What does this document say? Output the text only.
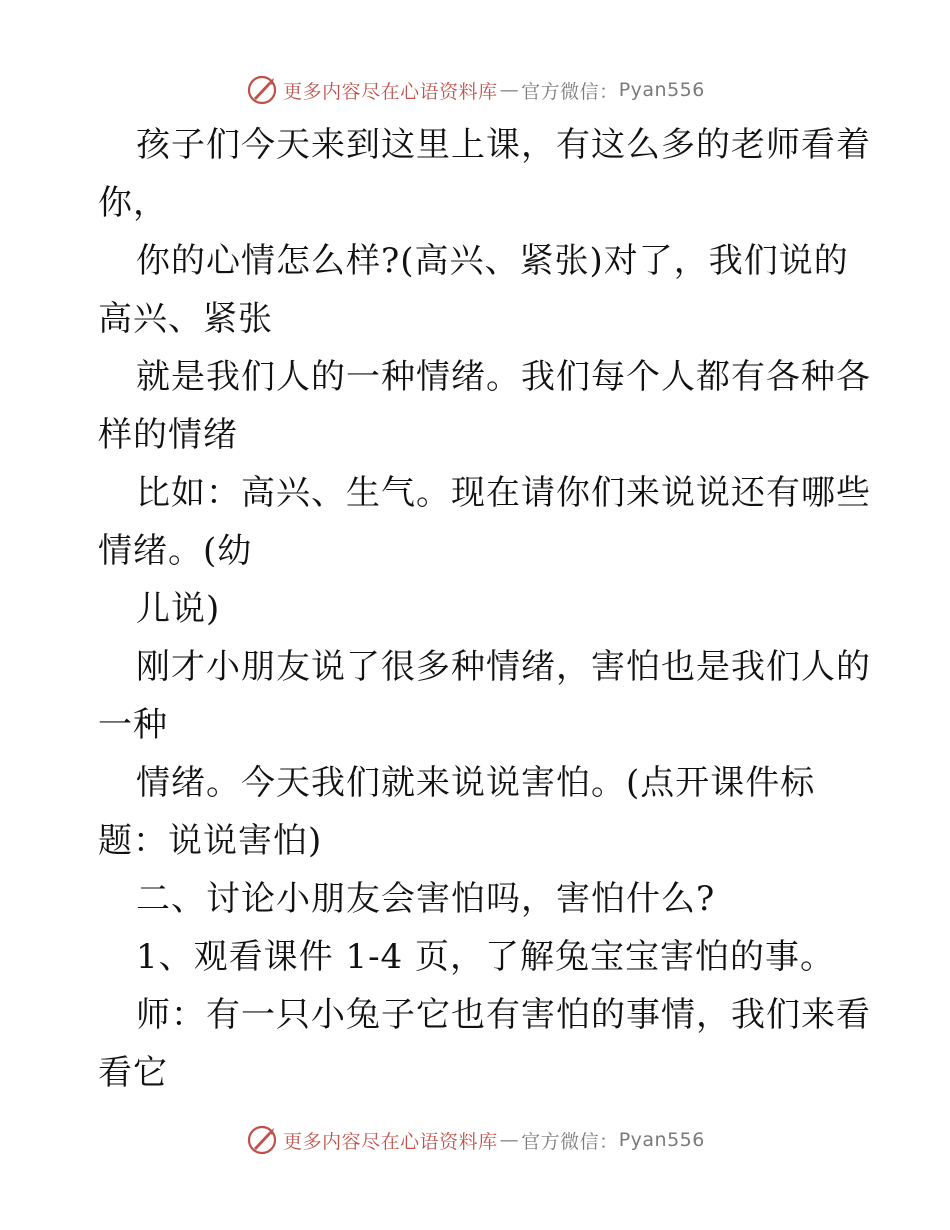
更多内容尽在心语资料库 — 官方微信： Pyan556
孩子们今天来到这里上课，有这么多的老师看着
你，
你的心情怎么样?(高兴、紧张)对了，我们说的
高兴、紧张
就是我们人的一种情绪。我们每个人都有各种各
样的情绪
比如：高兴、生气。现在请你们来说说还有哪些
情绪。(幼
儿说)
刚才小朋友说了很多种情绪，害怕也是我们人的
一种
情绪。今天我们就来说说害怕。(点开课件标
题：说说害怕)
二、讨论小朋友会害怕吗，害怕什么?
1、观看课件 1-4 页，了解兔宝宝害怕的事。
师：有一只小兔子它也有害怕的事情，我们来看
看它
更多内容尽在心语资料库 — 官方微信： Pyan556
